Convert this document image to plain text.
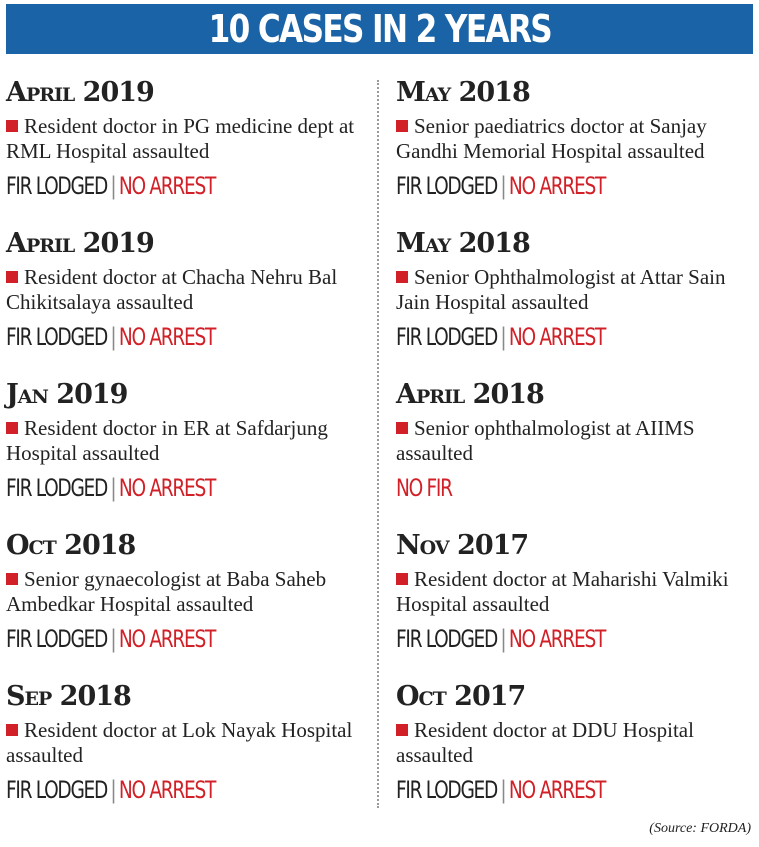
10 CASES IN 2 YEARS
April 2019
Resident doctor in PG medicine dept at RML Hospital assaulted
FIR LODGED | NO ARREST
April 2019
Resident doctor at Chacha Nehru Bal Chikitsalaya assaulted
FIR LODGED | NO ARREST
Jan 2019
Resident doctor in ER at Safdarjung Hospital assaulted
FIR LODGED | NO ARREST
Oct 2018
Senior gynaecologist at Baba Saheb Ambedkar Hospital assaulted
FIR LODGED | NO ARREST
Sep 2018
Resident doctor at Lok Nayak Hospital assaulted
FIR LODGED | NO ARREST
May 2018
Senior paediatrics doctor at Sanjay Gandhi Memorial Hospital assaulted
FIR LODGED | NO ARREST
May 2018
Senior Ophthalmologist at Attar Sain Jain Hospital assaulted
FIR LODGED | NO ARREST
April 2018
Senior ophthalmologist at AIIMS assaulted
NO FIR
Nov 2017
Resident doctor at Maharishi Valmiki Hospital assaulted
FIR LODGED | NO ARREST
Oct 2017
Resident doctor at DDU Hospital assaulted
FIR LODGED | NO ARREST
(Source: FORDA)
